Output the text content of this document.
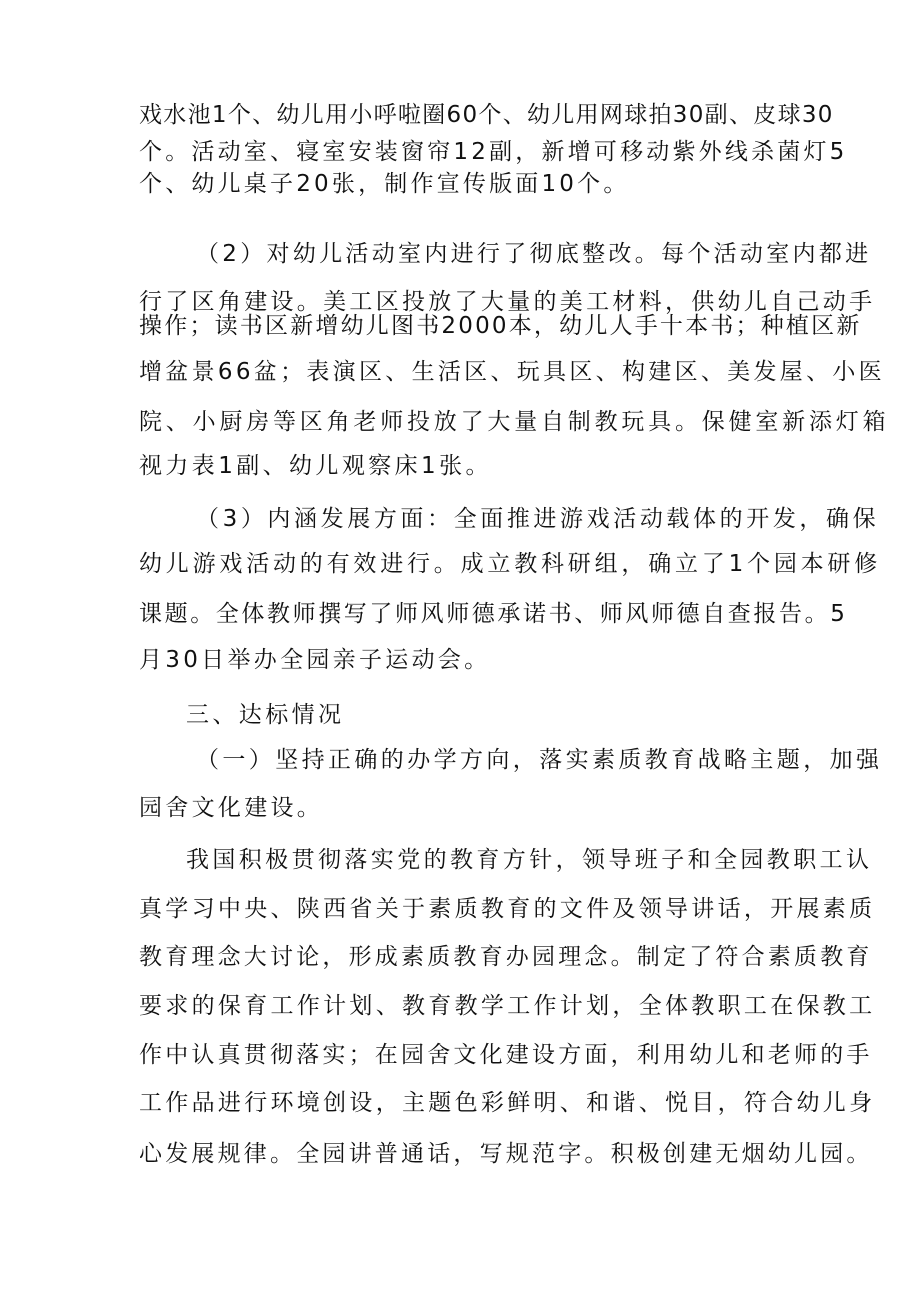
戏水池1个、幼儿用小呼啦圈60个、幼儿用网球拍30副、皮球30

个。活动室、寝室安装窗帘12副，新增可移动紫外线杀菌灯5

个、幼儿桌子20张，制作宣传版面10个。

（2）对幼儿活动室内进行了彻底整改。每个活动室内都进

行了区角建设。美工区投放了大量的美工材料，供幼儿自己动手

操作；读书区新增幼儿图书2000本，幼儿人手十本书；种植区新

增盆景66盆；表演区、生活区、玩具区、构建区、美发屋、小医

院、小厨房等区角老师投放了大量自制教玩具。保健室新添灯箱

视力表1副、幼儿观察床1张。

（3）内涵发展方面：全面推进游戏活动载体的开发，确保

幼儿游戏活动的有效进行。成立教科研组，确立了1个园本研修

课题。全体教师撰写了师风师德承诺书、师风师德自查报告。5

月30日举办全园亲子运动会。

三、达标情况

（一）坚持正确的办学方向，落实素质教育战略主题，加强

园舍文化建设。

我国积极贯彻落实党的教育方针，领导班子和全园教职工认

真学习中央、陕西省关于素质教育的文件及领导讲话，开展素质

教育理念大讨论，形成素质教育办园理念。制定了符合素质教育

要求的保育工作计划、教育教学工作计划，全体教职工在保教工

作中认真贯彻落实；在园舍文化建设方面，利用幼儿和老师的手

工作品进行环境创设，主题色彩鲜明、和谐、悦目，符合幼儿身

心发展规律。全园讲普通话，写规范字。积极创建无烟幼儿园。
